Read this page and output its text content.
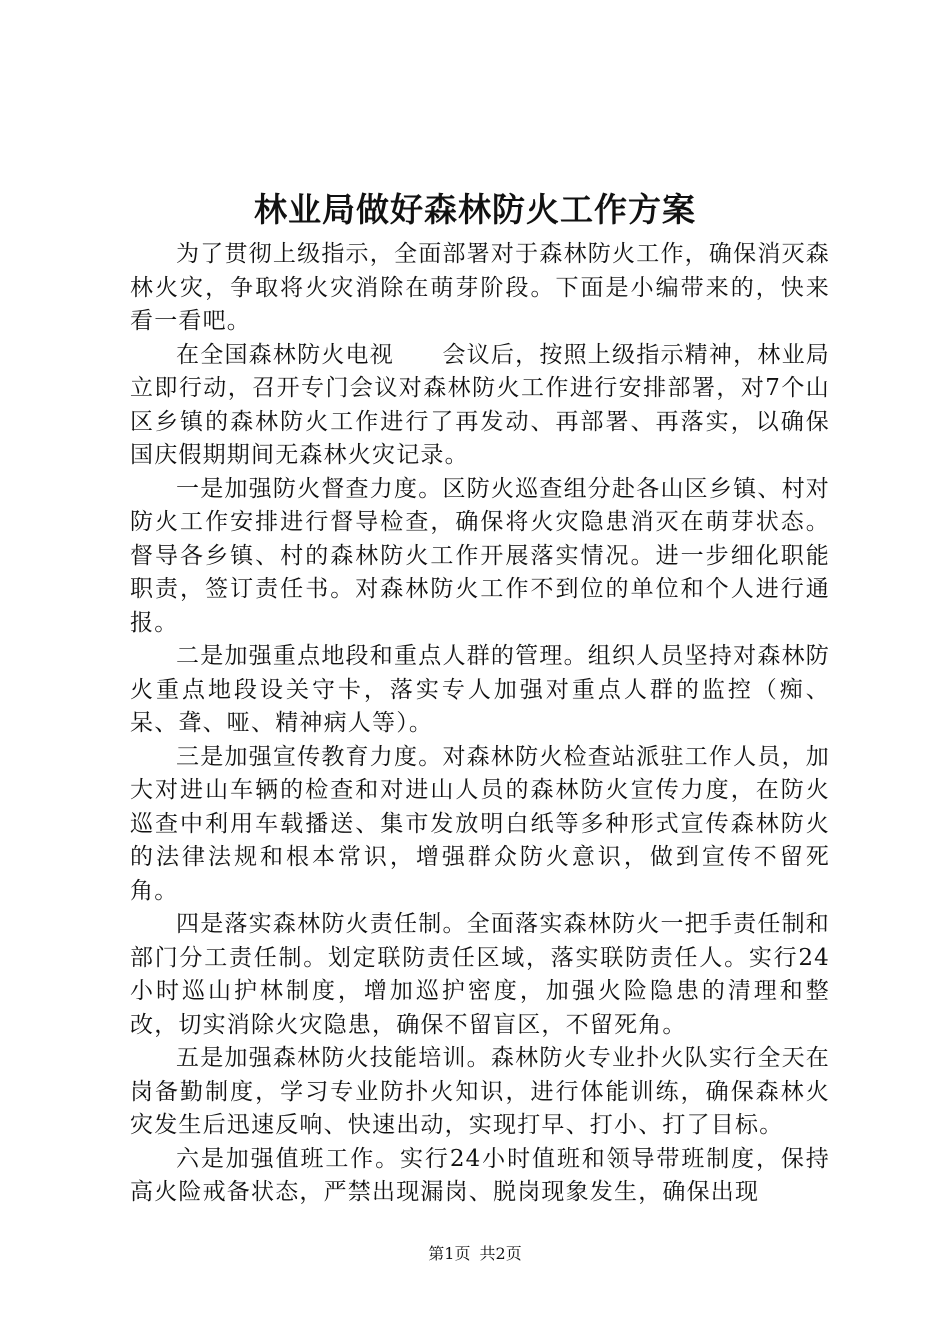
林业局做好森林防火工作方案

为了贯彻上级指示，全面部署对于森林防火工作，确保消灭森林火灾，争取将火灾消除在萌芽阶段。下面是小编带来的，快来看一看吧。

在全国森林防火电视　　会议后，按照上级指示精神，林业局立即行动，召开专门会议对森林防火工作进行安排部署，对7个山区乡镇的森林防火工作进行了再发动、再部署、再落实，以确保国庆假期期间无森林火灾记录。

一是加强防火督查力度。区防火巡查组分赴各山区乡镇、村对防火工作安排进行督导检查，确保将火灾隐患消灭在萌芽状态。督导各乡镇、村的森林防火工作开展落实情况。进一步细化职能职责，签订责任书。对森林防火工作不到位的单位和个人进行通报。

二是加强重点地段和重点人群的管理。组织人员坚持对森林防火重点地段设关守卡，落实专人加强对重点人群的监控（痴、呆、聋、哑、精神病人等）。

三是加强宣传教育力度。对森林防火检查站派驻工作人员，加大对进山车辆的检查和对进山人员的森林防火宣传力度，在防火巡查中利用车载播送、集市发放明白纸等多种形式宣传森林防火的法律法规和根本常识，增强群众防火意识，做到宣传不留死角。

四是落实森林防火责任制。全面落实森林防火一把手责任制和部门分工责任制。划定联防责任区域，落实联防责任人。实行24小时巡山护林制度，增加巡护密度，加强火险隐患的清理和整改，切实消除火灾隐患，确保不留盲区，不留死角。

五是加强森林防火技能培训。森林防火专业扑火队实行全天在岗备勤制度，学习专业防扑火知识，进行体能训练，确保森林火灾发生后迅速反响、快速出动，实现打早、打小、打了目标。

六是加强值班工作。实行24小时值班和领导带班制度，保持高火险戒备状态，严禁出现漏岗、脱岗现象发生，确保出现

第1页 共2页
